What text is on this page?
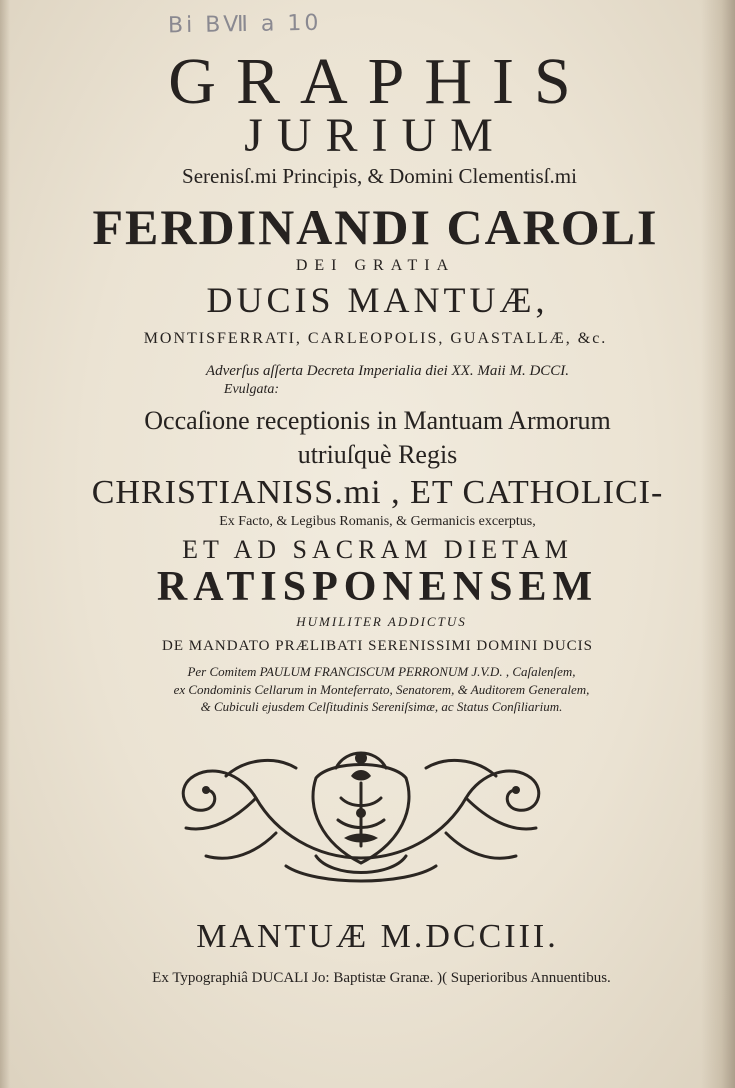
Bi BⅦ a 10
GRAPHIS
JURIUM
Serenisſ.mi Principis, & Domini Clementisſ.mi
FERDINANDI CAROLI
DEI GRATIA
DUCIS MANTUÆ,
MONTISFERRATI, CARLEOPOLIS, GUASTALLÆ, &c.
Adverſus aſſerta Decreta Imperialia diei XX. Maii M. DCCI.
Evulgata:
Occaſione receptionis in Mantuam Armorum
utriuſquè Regis
CHRISTIANISS.mi , ET CATHOLICI-
Ex Facto, & Legibus Romanis, & Germanicis excerptus,
ET AD SACRAM DIETAM
RATISPONENSEM
HUMILITER ADDICTUS
DE MANDATO PRÆLIBATI SERENISSIMI DOMINI DUCIS
Per Comitem PAULUM FRANCISCUM PERRONUM J.V.D. , Caſalenſem,
ex Condominis Cellarum in Monteferrato, Senatorem, & Auditorem Generalem,
& Cubiculi ejusdem Celſitudinis Sereniſsimæ, ac Status Conſiliarium.
MANTUÆ M.DCCIII.
Ex Typographiâ DUCALI Jo: Baptistæ Granæ. )( Superioribus Annuentibus.
